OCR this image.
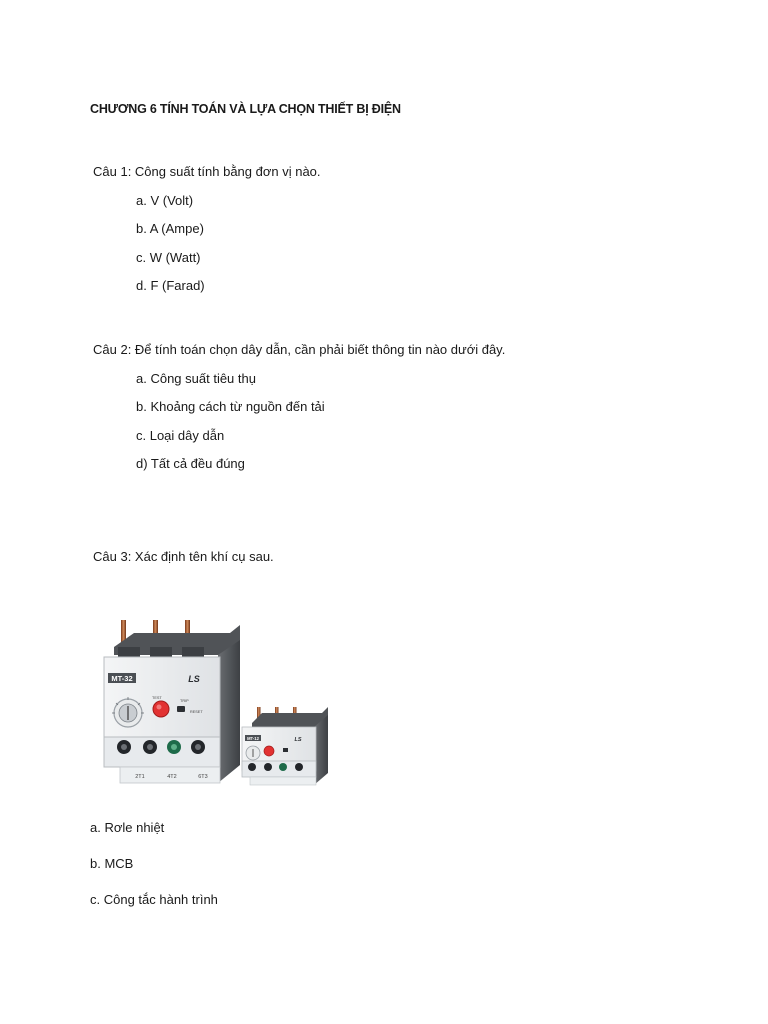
CHƯƠNG 6 TÍNH TOÁN VÀ LỰA CHỌN THIẾT BỊ ĐIỆN
Câu 1: Công suất tính bằng đơn vị nào.
a. V (Volt)
b. A (Ampe)
c. W (Watt)
d. F (Farad)
Câu 2: Để tính toán chọn dây dẫn, cần phải biết thông tin nào dưới đây.
a. Công suất tiêu thụ
b. Khoảng cách từ nguồn đến tải
c. Loại dây dẫn
d) Tất cả đều đúng
Câu 3: Xác định tên khí cụ sau.
MT-32	LS
TEST
TRIP
RESET
2T1	4T2	6T3
MT-12	LS
a. Rơle nhiệt
b. MCB
c. Công tắc hành trình
